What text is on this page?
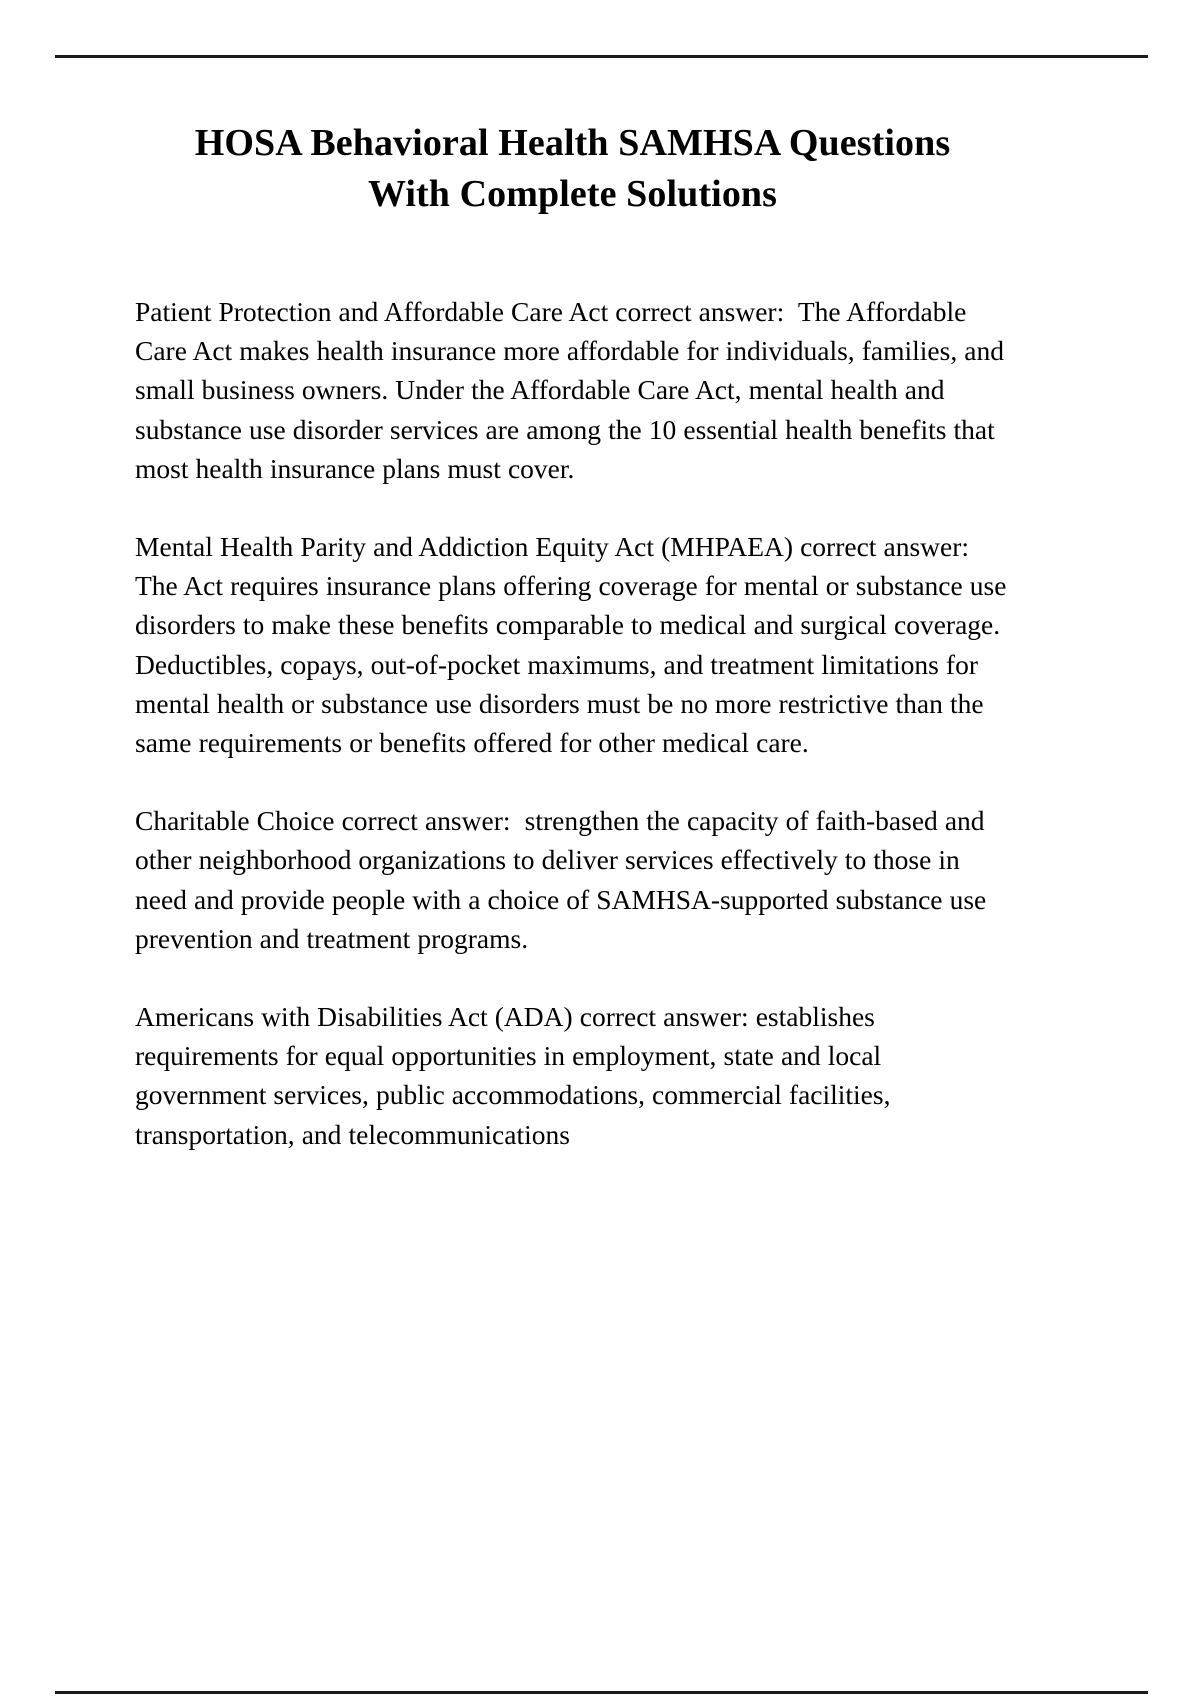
HOSA Behavioral Health SAMHSA Questions
With Complete Solutions

Patient Protection and Affordable Care Act correct answer:  The Affordable Care Act makes health insurance more affordable for individuals, families, and small business owners. Under the Affordable Care Act, mental health and substance use disorder services are among the 10 essential health benefits that most health insurance plans must cover.

Mental Health Parity and Addiction Equity Act (MHPAEA) correct answer:  The Act requires insurance plans offering coverage for mental or substance use disorders to make these benefits comparable to medical and surgical coverage. Deductibles, copays, out-of-pocket maximums, and treatment limitations for mental health or substance use disorders must be no more restrictive than the same requirements or benefits offered for other medical care.

Charitable Choice correct answer:  strengthen the capacity of faith-based and other neighborhood organizations to deliver services effectively to those in need and provide people with a choice of SAMHSA-supported substance use prevention and treatment programs.

Americans with Disabilities Act (ADA) correct answer: establishes requirements for equal opportunities in employment, state and local government services, public accommodations, commercial facilities, transportation, and telecommunications
